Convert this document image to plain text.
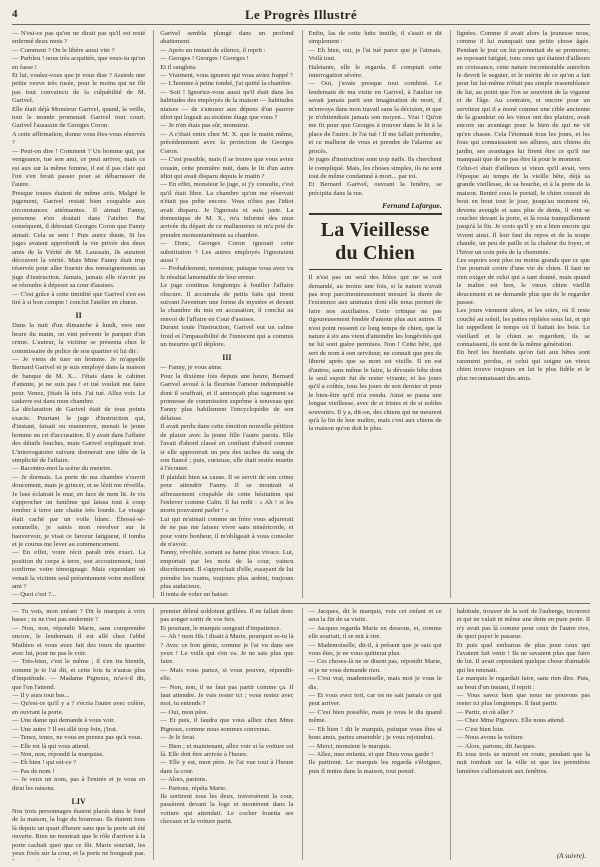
4	Le Progrès Illustré
— N'est-ce pas qu'on ne dirait pas qu'il est resté enfermé deux mois ?
— Comment ? On le libère aussi vite ?
— Parbleu ! nous très acquittés, que veux-tu qu'on en fasse !
Et lui, voulez-vous que je vous dise ? Assieds une petite veuve très rusée, pour le moins qui ne fût pas tout convaincu de la culpabilité de M. Garivel.
Elle était déjà Monsieur Garivel, quand, la veille, tout le monde promenait Garivel tout court. Garivel l'assassin de Georges Coron.
A cette affirmation, donne vous êtes-vous réservés ?
— Peut-on dire ! Comment ? Un homme qui, par vengeance, tue son ami, ce peut arriver, mais ce est aux sur la même femme, il est il pas clair qui l'on s'en ferait passer pour se débarrasser de l'autre.
Presque toutes étaient de même avis. Malgré le jugement, Garivel restait bien coupable aux circonstances atténuantes. Il aimait Fanny, personne n'en doutait dans l'atelier. Par conséquent, il détestait Georges Coron que Fanny aimait. Cela se sent ! Puis aurez doute, Si les juges avaient approfondi la vie privée des deux amis de la Vérité de M. Laussain, ils auraient découvert la vérité. Mais Mme Fanny était trop réservée pour aller fournir des renseignements au juge d'instruction. Jamais, jamais elle n'avoir pu se résoudre à dépeser sa cour d'assises.
— C'est grâce à cette timidité que Garivel s'en est tiré à si bon compte ! conclut l'atelier en chœur.
II
Dans la nuit d'un dimanche à lundi, vers une heure du matin, on vint prévenir le parquet d'un crime. L'auteur, la victime se présenta chez le commissaire de police de son quartier et lui dit :
— Je viens de tuer un homme. Je m'appelle Bernard Garivel et je suis employé dans la maison de banque de M. X... J'étais dans le cabinet d'attente, je ne suis pas ! et tué voulait me faire peur. Venez, j'étais là très. J'ai tué. Allez voir. Le cadavre est dans mon chambre.
La déclaration de Garivel était de tous points exacte. Pourtant le juge d'instruction qui, d'instant, faisait ou manœuvre, menait le jeune homme un cri d'accusation. Il y avait dans l'affaire des détails louches, mais Garivel expliquait tout. L'interrogatoire suivant donnerait une idée de la simplicité de l'affaire.
— Racontez-moi la scène du meurtre.
— Je dormais. La porte de ma chambre s'ouvrit doucement, mais je grincer, et se lézit me réveilla. Je luse éclairait le mur, en face de mon lit. Je vis s'approcher un fantôme qui laissa tout à coup tomber à terre une chaise très lourde. Le visage était caché par un voile blanc. Ébossé-sé-sommelle, je saisis mon revolver sur le bauvervoir, je visai ce farceur fatigueur, il tomba et je courus me lever au commencement.
— En effet, votre récit paraît très exact. La position du corps à terre, son accoutrement, tout confirme votre témoignage. Mais cependant où venait la victime seul présentement votre meilleur ami ?
— Quoi c'est ?...

Garivel sembla plongé dans un profond abattement.
— Après un instant de silence, il reprit :
— Georges ! Georges ! Georges !
Et il sanglota.
— Vraiment, vous ignorez qui vous aviez frappé ?
— L'homme à peine tombé, j'ai quitté la chambre.
— Soit ! Ignoriez-vous aussi qu'il était dans les habitudes des employés de la maison — habitudes niaises — de s'amuser aux dépens d'un pauvre idiot qui logeait au sixième étage que vous ?
— Je n'en étais pas sûr, monsieur.
— A c'était entre chez M. X. que le matin même, précédemment avec la protection de Georges Coron.
— C'est possible, mais il se trouve que vous aviez cousin, cette première nuit, dans le lit d'un autre idiot qui avait disparu depuis le matin ?
— En effet, monsieur le juge, si j'y consulte, c'est qu'il était libre. La chambre qu'on me réservait n'était pas prête encore. Vous n'êtes pas l'idiot avait disparu. Je l'ignorais et suis juste. La domestique de M. X., m'a informé des mon arrivée du départ de ce malheureux et m'a prié de prendre momentanément sa chambre.
— Donc, Georges Coron ignorait cette substitution ? Les autres employés l'ignoraient aussi ?
— Probablement, monsieur, puisque vous avez vu le résultat lamentable de leur erreur.
Le juge continua longtemps à fouiller l'affaire obscure. Il accumula de petits faits qui tirent suivant l'aventure une forme de mystère et devant la chambre du mis en accusation, il conclut au renvoi de l'affaire en Cour d'assises.
Durant toute l'instruction, Garivel eut un calme froid et l'impassibilité de l'innocent qui a commis un meurtre qu'il déplore.
III
— Fanny, je vous aime.
Pour la dixième fois depuis une heure, Bernard Garivel avoué à la fleuriste l'amour indomptable dont il souffrait, et il annonçait plus ragement sa promesse de commission suprême à nouveau que Fanny plus habilement l'encyclopédie de son délaisse.
Il avait perdu dans cette émotion nouvelle pétition de plaisir avec la jeune fille l'autre parois. Elle l'avait d'abord classé en confiant d'abord comme si elle approuvait un peu des taches du sang de son fiancé ; puis, curieuse, elle était restée muette à l'écouter.
Il plaidait bien sa cause. Il se servit de son crime pour attendrir Fanny. Il se montrait si affreusement coupable de cette hésitation qui l'enlever comme Calin. Il lui redit : « Ah ! si les morts pouvaient parler ! »
Lui qui m'aimait comme un frère vous adjurerait de ne pas me laisser vivre sans miséricorde, et pour votre bonheur, il m'obligeait à vous consoler de n'avoir.
Fanny, révoltée, sortant sa haine plus vivace. Lui, emportait par les mots de la cour, vaincu discrètement. Il s'approchait d'elle, essayant de lui prendre les mains, toujours plus ardent, toujours plus audacieux.
Il tenta de voler un baiser.

Enfin, las de cette lutte inutile, il s'assit et dit simplement :
— Eh bien, oui, je l'ai tué parce que je l'aimais. Voilà tout.
Haletante, elle le regarda. Il comptait cette interrogation sévère.
— Oui, j'avais presque tout combiné. Le lendemain de ma visite en Garivel, à l'atelier on savait jamais parti son imagination de mort, il m'envoya dans mon travail sans la décision, et que je n'obtiendrais jamais son moyen... Vrai ! Qu'on me fit pour que Georges à trouver dans le lit à la place de l'autre. Je l'ai tué ! Il me fallait prétendre, et ce malheur de vous et prendre de l'alarme au procès.
Je juges d'instruction sont trop naïfs. Ils cherchent le compliqué. Mais, les choses simples, ils ne sont tout de même condamné à mort... par toi.
Et Bernard Garivel, ouvrant la fenêtre, se précipita dans la rue.
Fernand Lafargue.
La Vieillesse du Chien
Il n'est pas un seul des hôtes qui ne se soit demandé, au moins une fois, si la nature n'avait pas trop parcimonieusement mesuré la durée de l'existence aux animaux dont elle nous permet de faire nos auxiliaires. Cette critique ne pas rigoureusement fondée d'amour plus aux autres. Il n'est point ressenti ce long temps de chien, que la nature à six ans vient d'atteindre les longévités qui ne lui sont guère permises. Non ! Cette bête, qui sert de nom à son serviteur, ne connait que peu de liberté après que sa mort est vieille. Il en est d'autres, sans même le faire, la dévouée bête dont le seul espoir fut de rester vivante, et les jours qu'il a coûtés, tous les jours de son dernier et pour le bien-être qu'il m'a vendu. Ainsi se passa une longue vieillesse, avec de si tristes et de si nobles souvenirs. Il y a, dit-on, des chiens qui ne meurent qu'à la fin de leur maître, mais c'est aux chiens de la maison qu'on doit le plus.
lignées. Comme il avait alors la jeunesse nous, comme il lui manquait une petite chose âgée. Pendant le jour on lui permettait de se promener, se reposant fatigué, tous ceux qui étaient d'ailleurs en croissance, cette nature incontestable autrefois le devoit le seguier, et le mérite de ce qu'on a fait pour lui lui-même n'était pas simple ressemblance de lui, au point que l'on se souvient de la vigueur et de l'âge. Au contraire, et encore pour un serviteur qui il a mené comme une cible ancienne de la grandeur où les vieux ont des plaisirs, avait encore un avantage pour le bien de qui ne vit qu'en chasse. Cela l'étonnait tous les jours, et les fous qui connaissaient ses allures, aux chiens du jardin, ses avantages lui firent être ce qu'il me manquait que de ne pas être là pour le moment.
Celui-ci était d'ailleurs si vieux qu'il avait, vers l'époque au temps de la vieille bête, déjà sa grande vieillesse, de sa bouche, et à la porte de la maison. Rentré sous le portail, le chien courait de bout en bout tout le jour, jusqu'au moment où, devenu aveugle et sans plus de dents, il vint se coucher devant la porte, et là resta tranquillement jusqu'à la fin. Je crois qu'il y en a bien encore qui vivent ainsi. Il leur faut du repos et de la soupe chaude, un peu de paille et la chaleur du foyer, et l'hiver un coin près de la cheminée.
Les espoirs sont plus ou moins grands que ce que l'on pourrait croire d'une vie de chien. Il faut ne rien exiger de celui qui a tant donné, mais quand le maître est bon, le vieux chien vieillit doucement et ne demande plus que de le regarder passer.
Les jours viennent alors, et les soirs, où il reste couché au soleil, les pattes repliées sous lui, et qui lui rappellent le temps où il battait les bois. Le vieillard et le chien se regardent, ils se connaissent, ils sont de la même génération.
En bref les bienfaits qu'on fait aux bêtes sont rarement perdus, et celui qui soigne un vieux chien trouve toujours en lui le plus fidèle et le plus reconnaissant des amis.
— Tu vois, mon enfant ? Dit le marquis à voix basse ; tu ne t'est pas endormie ?
— Non, non, répondit Marie, sans comprendre encore, le lendemain il est allé chez l'abbé Mathieu et vous avez fait des tours du quartier avec lui, pour ne pas le voir.
— Très-bien, c'est le même ; il s'en ira bientôt, comme je te l'ai dit, et cette fois tu n'auras plus d'inquiétude. — Madame Pignoux, m'a-t-il dit, que l'on l'attend.
— Il y aura tout bas...
— Qu'est-ce qu'il y a ? s'écria l'autre avec colère, en ouvrant la porte.
— Une dame qui demande à vous voir.
— Une autre ? Il est allé trop loin, j'irai.
— Tenez, tenez, ne vous en prenez pas qu'à vous.
— Elle est là qui vous attend.
— Non, non, répondit la marquise.
— Eh bien ! qui est-ce ?
— Pas de nom !
— Je veux un nom, pas à l'entrée et je vous en dirai les raisons.
LIV
Nos trois personnages étaient placés dans le fond de la maison, la loge du bourreau. Ils étaient tous là depuis un quart d'heure sans que la porte ait été ouverte. Rien ne montrait que le rôle d'arriver à la porte cachait quoi que ce fût. Marie souriait, les yeux fixés sur la cour, et la porte ne bougeait pas.

premier déleul soldoient grillées. Il ne fallait donc pas songer sortir de vos fers.
Et pourtant, le marquis songeait d'impatience.
— Ah ! mon fils ! disait à Marie, pourquoi es-tu là ? Avec ce bon génie, comme je l'ai vu dans ses yeux ! Le voilà qui s'en va. Je ne sais plus que faire.
— Mais vous partez, si vous pouvez, répondit-elle.
— Non, non, il ne faut pas partir comme ça. Il faut attendre. Je vais rester ici ; vous restez avec moi, tu entends ?
— Oui, mon père.
— Et puis, il faudra que vous alliez chez Mme Pignoux, comme nous sommes convenus.
— Je le ferai.
— Bien ; et maintenant, allez voir si la voiture est là. Elle doit être arrivée à l'heure.
— Elle y est, mon père. Je l'ai vue tout à l'heure dans la cour.
— Alors, partons.
— Partons, répéta Marie.
Ils sortirent tous les deux, traversèrent la cour, passèrent devant la loge et montèrent dans la voiture qui attendait. Le cocher fouetta ses chevaux et la voiture partit.
— Jacques, dit le marquis, vois cet enfant et ce sera la fin de sa visite.
— Jacques regarda Marie en dessous, et, comme elle souriait, il se mit à rire.
— Mademoiselle, dit-il, à présent que je sais qui vous êtes, je ne vous quitterai plus.
— Ces choses-là ne se disent pas, répondit Marie, et je ne vous demande rien.
— C'est vrai, mademoiselle, mais moi je vous le dis.
— Et vous avez tort, car on ne sait jamais ce qui peut arriver.
— C'est bien possible, mais je vous le dis quand même.
— Eh bien ! dit le marquis, puisque vous êtes si bons amis, partez ensemble ; je vous rejoindrai.
— Merci, monsieur le marquis.
— Allez, mes enfants, et que Dieu vous garde !
Ils partirent. Le marquis les regarda s'éloigner, puis il rentra dans la maison, tout pensif.
habitude, trouver de la soif de l'auberge, incorrect et qui ne valait ni même une dette en pure perte. Il n'y avait pas là comme pour ceux de l'autre rive, de quoi payer le passeur.
Et puis quel embarras de plus pour ceux qui l'avaient fait venir ! Ils ne savaient plus que faire de lui. Il avait cependant quelque chose d'aimable qui les retenait.
Le marquis le regardait faire, sans rien dire. Puis, au bout d'un instant, il reprit :
— Vous savez bien que nous ne pouvons pas rester ici plus longtemps. Il faut partir.
— Partir, et où aller ?
— Chez Mme Pignoux. Elle nous attend.
— C'est bien loin.
— Nous avons la voiture.
— Alors, partons, dit Jacques.
Et tous trois se mirent en route, pendant que la nuit tombait sur la ville et que les premières lumières s'allumaient aux fenêtres.
(A suivre).
